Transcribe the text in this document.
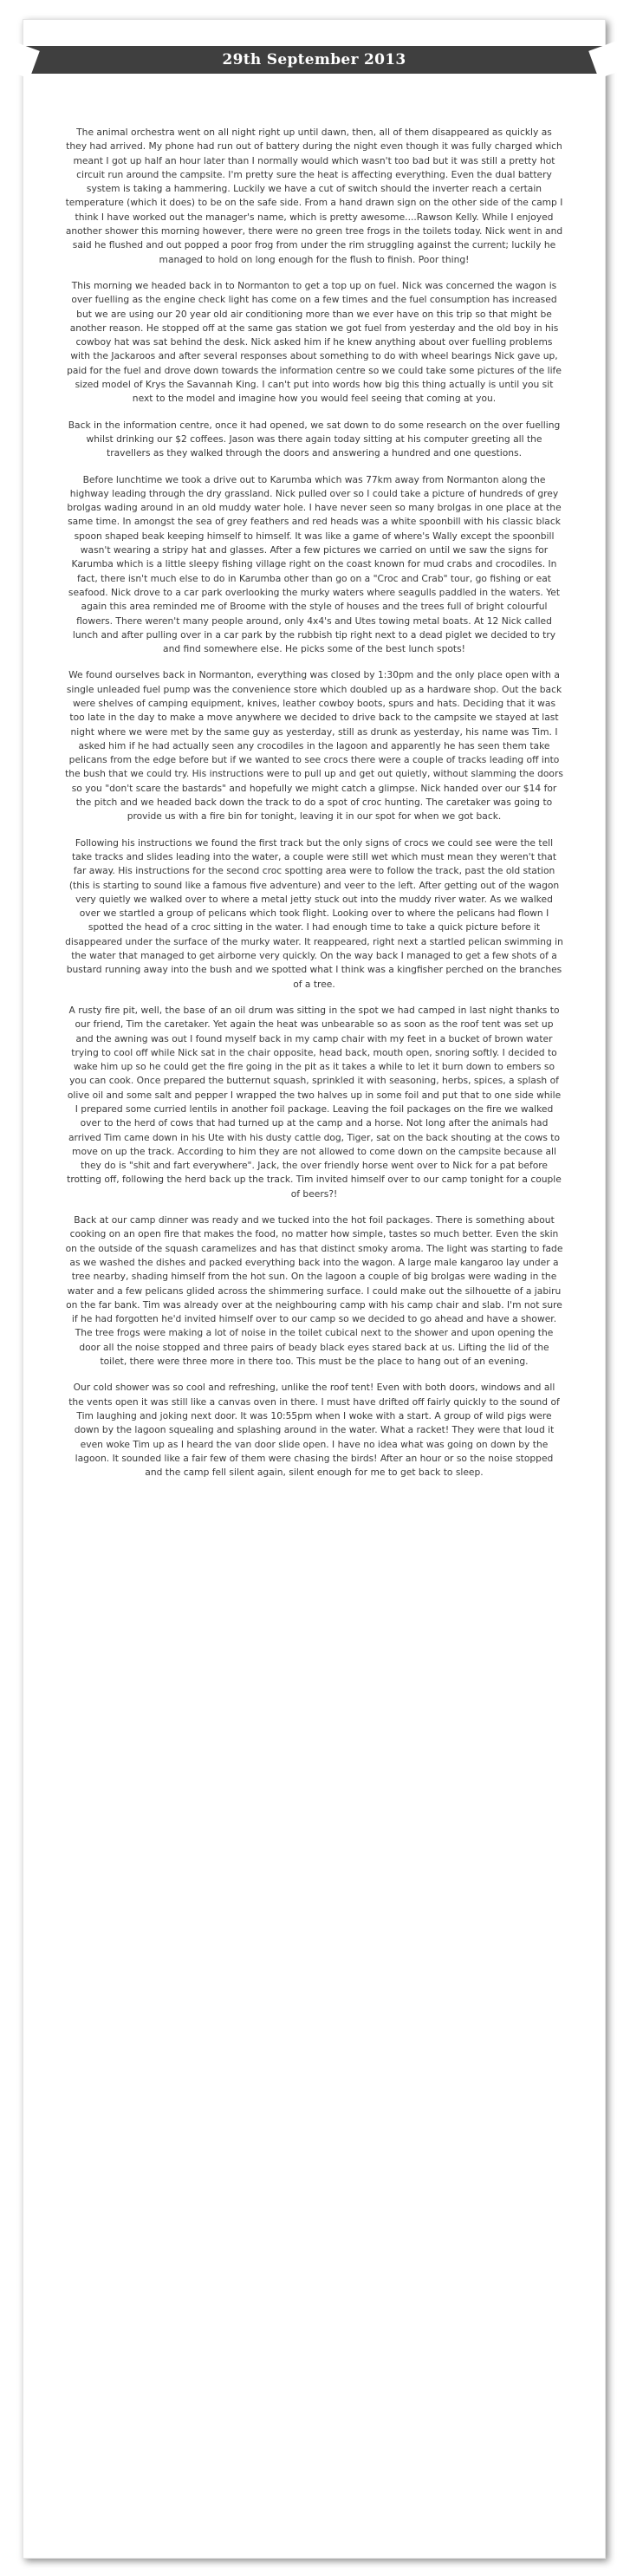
29th September 2013

The animal orchestra went on all night right up until dawn, then, all of them disappeared as quickly as they had arrived. My phone had run out of battery during the night even though it was fully charged which meant I got up half an hour later than I normally would which wasn't too bad but it was still a pretty hot circuit run around the campsite. I'm pretty sure the heat is affecting everything. Even the dual battery system is taking a hammering. Luckily we have a cut of switch should the inverter reach a certain temperature (which it does) to be on the safe side. From a hand drawn sign on the other side of the camp I think I have worked out the manager's name, which is pretty awesome....Rawson Kelly. While I enjoyed another shower this morning however, there were no green tree frogs in the toilets today. Nick went in and said he flushed and out popped a poor frog from under the rim struggling against the current; luckily he managed to hold on long enough for the flush to finish. Poor thing!

This morning we headed back in to Normanton to get a top up on fuel. Nick was concerned the wagon is over fuelling as the engine check light has come on a few times and the fuel consumption has increased but we are using our 20 year old air conditioning more than we ever have on this trip so that might be another reason. He stopped off at the same gas station we got fuel from yesterday and the old boy in his cowboy hat was sat behind the desk. Nick asked him if he knew anything about over fuelling problems with the Jackaroos and after several responses about something to do with wheel bearings Nick gave up, paid for the fuel and drove down towards the information centre so we could take some pictures of the life sized model of Krys the Savannah King. I can't put into words how big this thing actually is until you sit next to the model and imagine how you would feel seeing that coming at you.

Back in the information centre, once it had opened, we sat down to do some research on the over fuelling whilst drinking our $2 coffees. Jason was there again today sitting at his computer greeting all the travellers as they walked through the doors and answering a hundred and one questions.

Before lunchtime we took a drive out to Karumba which was 77km away from Normanton along the highway leading through the dry grassland. Nick pulled over so I could take a picture of hundreds of grey brolgas wading around in an old muddy water hole. I have never seen so many brolgas in one place at the same time. In amongst the sea of grey feathers and red heads was a white spoonbill with his classic black spoon shaped beak keeping himself to himself. It was like a game of where's Wally except the spoonbill wasn't wearing a stripy hat and glasses. After a few pictures we carried on until we saw the signs for Karumba which is a little sleepy fishing village right on the coast known for mud crabs and crocodiles. In fact, there isn't much else to do in Karumba other than go on a "Croc and Crab" tour, go fishing or eat seafood. Nick drove to a car park overlooking the murky waters where seagulls paddled in the waters. Yet again this area reminded me of Broome with the style of houses and the trees full of bright colourful flowers. There weren't many people around, only 4x4's and Utes towing metal boats. At 12 Nick called lunch and after pulling over in a car park by the rubbish tip right next to a dead piglet we decided to try and find somewhere else. He picks some of the best lunch spots!

We found ourselves back in Normanton, everything was closed by 1:30pm and the only place open with a single unleaded fuel pump was the convenience store which doubled up as a hardware shop. Out the back were shelves of camping equipment, knives, leather cowboy boots, spurs and hats. Deciding that it was too late in the day to make a move anywhere we decided to drive back to the campsite we stayed at last night where we were met by the same guy as yesterday, still as drunk as yesterday, his name was Tim. I asked him if he had actually seen any crocodiles in the lagoon and apparently he has seen them take pelicans from the edge before but if we wanted to see crocs there were a couple of tracks leading off into the bush that we could try. His instructions were to pull up and get out quietly, without slamming the doors so you "don't scare the bastards" and hopefully we might catch a glimpse. Nick handed over our $14 for the pitch and we headed back down the track to do a spot of croc hunting. The caretaker was going to provide us with a fire bin for tonight, leaving it in our spot for when we got back.

Following his instructions we found the first track but the only signs of crocs we could see were the tell take tracks and slides leading into the water, a couple were still wet which must mean they weren't that far away. His instructions for the second croc spotting area were to follow the track, past the old station (this is starting to sound like a famous five adventure) and veer to the left. After getting out of the wagon very quietly we walked over to where a metal jetty stuck out into the muddy river water. As we walked over we startled a group of pelicans which took flight. Looking over to where the pelicans had flown I spotted the head of a croc sitting in the water. I had enough time to take a quick picture before it disappeared under the surface of the murky water. It reappeared, right next a startled pelican swimming in the water that managed to get airborne very quickly. On the way back I managed to get a few shots of a bustard running away into the bush and we spotted what I think was a kingfisher perched on the branches of a tree.

A rusty fire pit, well, the base of an oil drum was sitting in the spot we had camped in last night thanks to our friend, Tim the caretaker. Yet again the heat was unbearable so as soon as the roof tent was set up and the awning was out I found myself back in my camp chair with my feet in a bucket of brown water trying to cool off while Nick sat in the chair opposite, head back, mouth open, snoring softly. I decided to wake him up so he could get the fire going in the pit as it takes a while to let it burn down to embers so you can cook. Once prepared the butternut squash, sprinkled it with seasoning, herbs, spices, a splash of olive oil and some salt and pepper I wrapped the two halves up in some foil and put that to one side while I prepared some curried lentils in another foil package. Leaving the foil packages on the fire we walked over to the herd of cows that had turned up at the camp and a horse. Not long after the animals had arrived Tim came down in his Ute with his dusty cattle dog, Tiger, sat on the back shouting at the cows to move on up the track. According to him they are not allowed to come down on the campsite because all they do is "shit and fart everywhere". Jack, the over friendly horse went over to Nick for a pat before trotting off, following the herd back up the track. Tim invited himself over to our camp tonight for a couple of beers?!

Back at our camp dinner was ready and we tucked into the hot foil packages. There is something about cooking on an open fire that makes the food, no matter how simple, tastes so much better. Even the skin on the outside of the squash caramelizes and has that distinct smoky aroma. The light was starting to fade as we washed the dishes and packed everything back into the wagon. A large male kangaroo lay under a tree nearby, shading himself from the hot sun. On the lagoon a couple of big brolgas were wading in the water and a few pelicans glided across the shimmering surface. I could make out the silhouette of a jabiru on the far bank. Tim was already over at the neighbouring camp with his camp chair and slab. I'm not sure if he had forgotten he'd invited himself over to our camp so we decided to go ahead and have a shower. The tree frogs were making a lot of noise in the toilet cubical next to the shower and upon opening the door all the noise stopped and three pairs of beady black eyes stared back at us. Lifting the lid of the toilet, there were three more in there too. This must be the place to hang out of an evening.

Our cold shower was so cool and refreshing, unlike the roof tent! Even with both doors, windows and all the vents open it was still like a canvas oven in there. I must have drifted off fairly quickly to the sound of Tim laughing and joking next door. It was 10:55pm when I woke with a start. A group of wild pigs were down by the lagoon squealing and splashing around in the water. What a racket! They were that loud it even woke Tim up as I heard the van door slide open. I have no idea what was going on down by the lagoon. It sounded like a fair few of them were chasing the birds! After an hour or so the noise stopped and the camp fell silent again, silent enough for me to get back to sleep.
